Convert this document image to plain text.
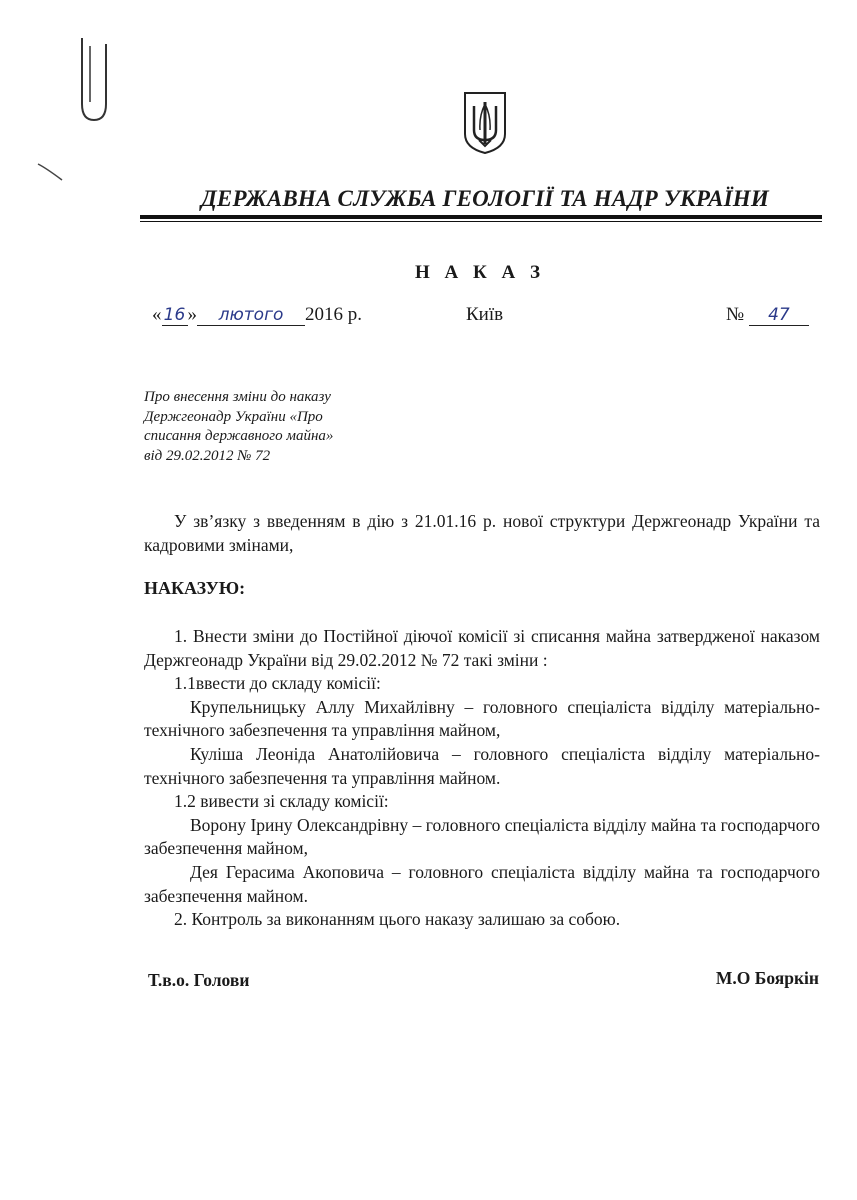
ДЕРЖАВНА СЛУЖБА ГЕОЛОГІЇ ТА НАДР УКРАЇНИ
Н А К А З
« 16 » лютого 2016 р.	Київ	№ 47
Про внесення зміни до наказу
Держгеонадр України «Про
списання державного майна»
від 29.02.2012 № 72
У зв’язку з введенням в дію з 21.01.16 р. нової структури Держгеонадр України та кадровими змінами,
НАКАЗУЮ:

1. Внести зміни до Постійної діючої комісії зі списання майна затвердженої наказом Держгеонадр України від 29.02.2012 № 72 такі зміни :

1.1ввести до складу комісії:

Крупельницьку Аллу Михайлівну – головного спеціаліста відділу матеріально-технічного забезпечення та управління майном,

Куліша Леоніда Анатолійовича – головного спеціаліста відділу матеріально-технічного забезпечення та управління майном.

1.2 вивести зі складу комісії:

Ворону Ірину Олександрівну – головного спеціаліста відділу майна та господарчого забезпечення майном,

Дея Герасима Акоповича – головного спеціаліста відділу майна та господарчого забезпечення майном.

2. Контроль за виконанням цього наказу залишаю за собою.

Т.в.о. Голови	М.О Бояркін
